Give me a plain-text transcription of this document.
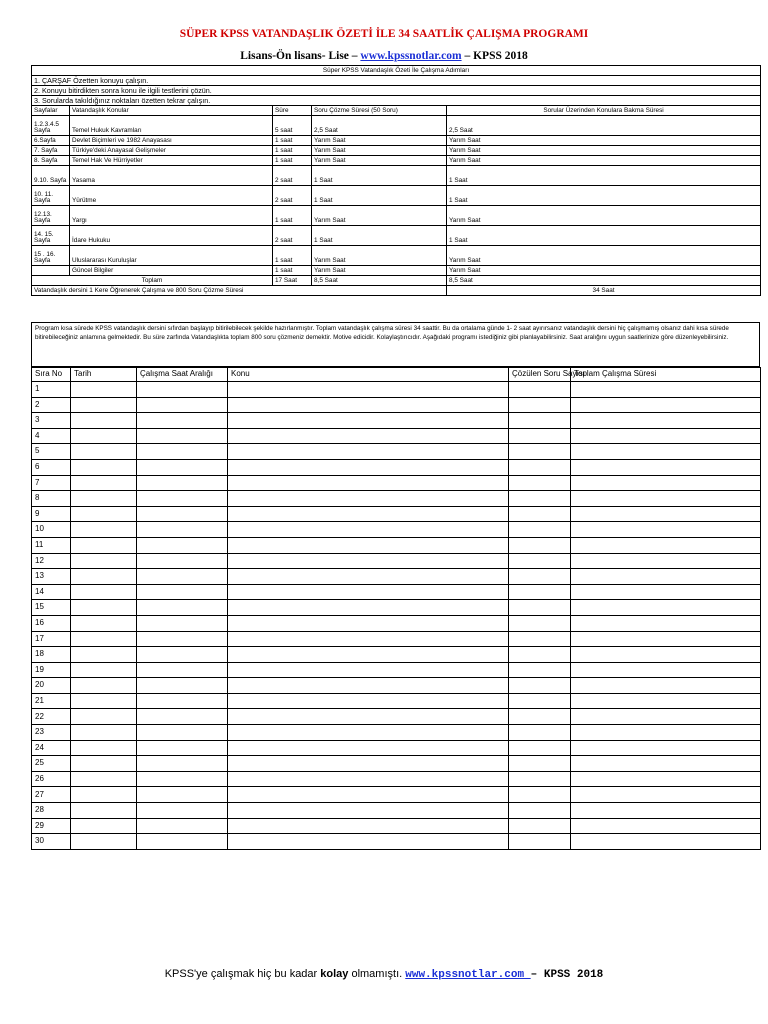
SÜPER KPSS VATANDAŞLIK ÖZETİ İLE 34 SAATLİK ÇALIŞMA PROGRAMI
Lisans-Ön lisans- Lise – www.kpssnotlar.com – KPSS 2018
Süper KPSS Vatandaşlık Özeti İle Çalışma Adımları				
1. ÇARŞAF Özetten konuyu çalışın.				
2. Konuyu bitirdikten sonra konu ile ilgili testlerini çözün.				
3. Sorularda takıldığınız noktaları özetten tekrar çalışın.				
Sayfalar	Vatandaşlık Konular	Süre	Soru Çözme Süresi (50 Soru)	Sorular Üzerinden Konulara Bakma Süresi
1.2.3.4.5 Sayfa	Temel Hukuk Kavramları	5 saat	2,5 Saat	2,5 Saat
6.Sayfa	Devlet Biçimleri ve 1982 Anayasası	1 saat	Yarım Saat	Yarım Saat
7. Sayfa	Türkiye'deki Anayasal Gelişmeler	1 saat	Yarım Saat	Yarım Saat
8. Sayfa	Temel Hak Ve Hürriyetler	1 saat	Yarım Saat	Yarım Saat
9.10. Sayfa	Yasama	2 saat	1 Saat	1 Saat
10. 11. Sayfa	Yürütme	2 saat	1 Saat	1 Saat
12.13. Sayfa	Yargı	1 saat	Yarım Saat	Yarım Saat
14. 15. Sayfa	İdare Hukuku	2 saat	1 Saat	1 Saat
15 . 16. Sayfa	Uluslararası Kuruluşlar	1 saat	Yarım Saat	Yarım Saat
	Güncel Bilgiler	1 saat	Yarım Saat	Yarım Saat
Toplam		17 Saat	8,5 Saat	8,5 Saat
Vatandaşlık dersini 1 Kere Öğrenerek Çalışma ve 800 Soru Çözme Süresi				34 Saat
Program kısa sürede KPSS vatandaşlık dersini sıfırdan başlayıp bitirilebilecek şekilde hazırlanmıştır. Toplam vatandaşlık çalışma süresi 34 saattir. Bu da ortalama günde 1- 2 saat ayırırsanız vatandaşlık dersini hiç çalışmamış olsanız dahi kısa sürede bitirebileceğiniz anlamına gelmektedir. Bu süre zarfında Vatandaşlıkta toplam 800 soru çözmeniz demektir. Motive edicidir. Kolaylaştırıcıdır. Aşağıdaki programı istediğiniz gibi planlayabilirsiniz. Saat aralığını uygun saatlerinize göre düzenleyebilirsiniz.
Sıra No	Tarih	Çalışma Saat Aralığı	Konu	Çözülen Soru Sayısı	Toplam Çalışma Süresi
1					
2					
3					
4					
5					
6					
7					
8					
9					
10					
11					
12					
13					
14					
15					
16					
17					
18					
19					
20					
21					
22					
23					
24					
25					
26					
27					
28					
29					
30					
KPSS'ye çalışmak hiç bu kadar kolay olmamıştı. www.kpssnotlar.com – KPSS 2018
